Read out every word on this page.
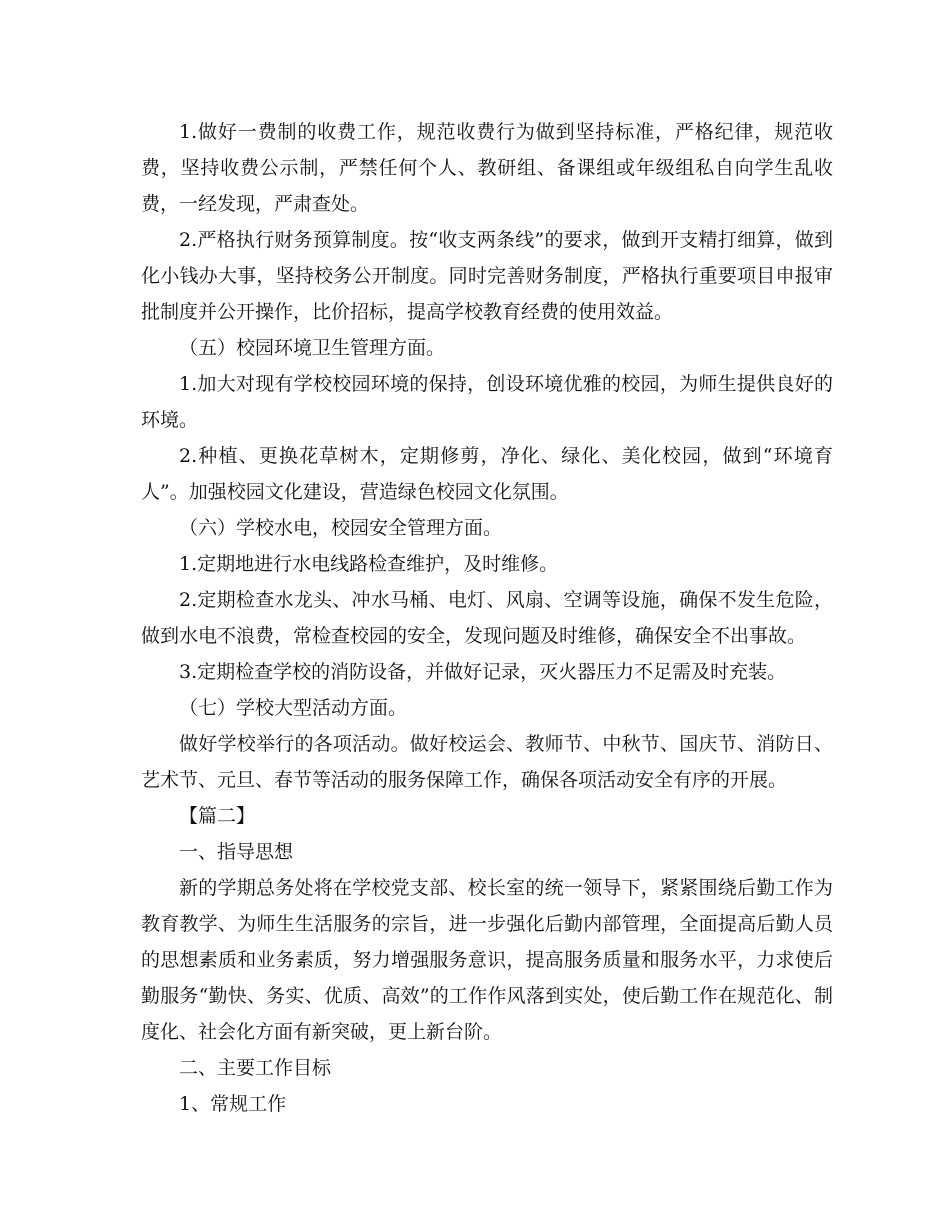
1.做好一费制的收费工作，规范收费行为做到坚持标准，严格纪律，规范收费，坚持收费公示制，严禁任何个人、教研组、备课组或年级组私自向学生乱收费，一经发现，严肃查处。

2.严格执行财务预算制度。按“收支两条线”的要求，做到开支精打细算，做到化小钱办大事，坚持校务公开制度。同时完善财务制度，严格执行重要项目申报审批制度并公开操作，比价招标，提高学校教育经费的使用效益。

（五）校园环境卫生管理方面。

1.加大对现有学校校园环境的保持，创设环境优雅的校园，为师生提供良好的环境。

2.种植、更换花草树木，定期修剪，净化、绿化、美化校园，做到“环境育人”。加强校园文化建设，营造绿色校园文化氛围。

（六）学校水电，校园安全管理方面。

1.定期地进行水电线路检查维护，及时维修。

2.定期检查水龙头、冲水马桶、电灯、风扇、空调等设施，确保不发生危险，做到水电不浪费，常检查校园的安全，发现问题及时维修，确保安全不出事故。

3.定期检查学校的消防设备，并做好记录，灭火器压力不足需及时充装。

（七）学校大型活动方面。

做好学校举行的各项活动。做好校运会、教师节、中秋节、国庆节、消防日、艺术节、元旦、春节等活动的服务保障工作，确保各项活动安全有序的开展。

【篇二】

一、指导思想

新的学期总务处将在学校党支部、校长室的统一领导下，紧紧围绕后勤工作为教育教学、为师生生活服务的宗旨，进一步强化后勤内部管理，全面提高后勤人员的思想素质和业务素质，努力增强服务意识，提高服务质量和服务水平，力求使后勤服务“勤快、务实、优质、高效”的工作作风落到实处，使后勤工作在规范化、制度化、社会化方面有新突破，更上新台阶。

二、主要工作目标

1、常规工作
